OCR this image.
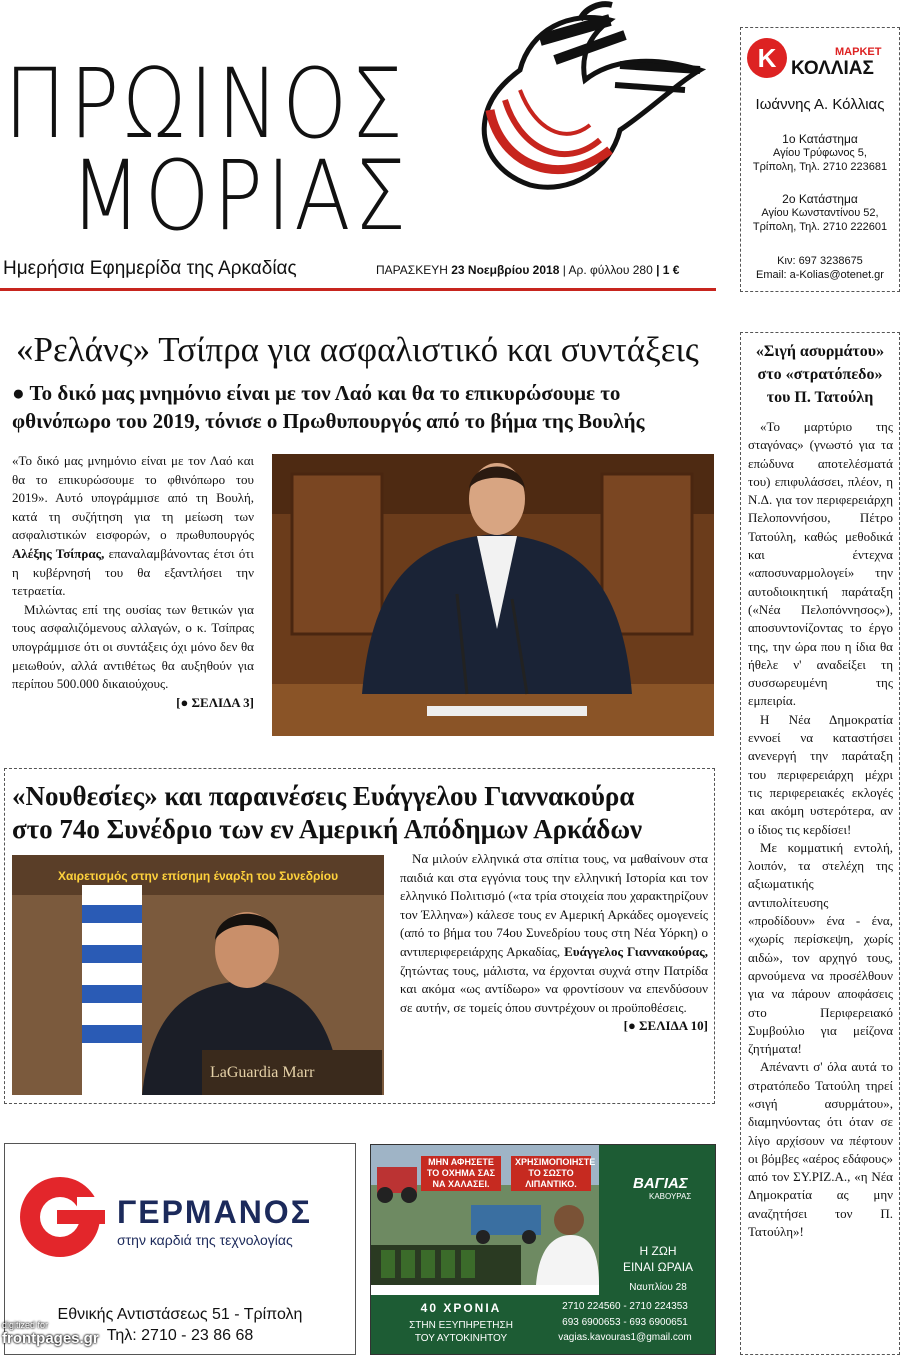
ΠΡΩΙΝΟΣ
ΜΟΡΙΑΣ
Ημερήσια Εφημερίδα της Αρκαδίας	ΠΑΡΑΣΚΕΥΗ 23 Νοεμβρίου 2018 | Αρ. φύλλου 280 | 1 €
Κ	ΜΑΡΚΕΤ
ΚΟΛΛΙΑΣ
Ιωάννης Α. Κόλλιας
1ο Κατάστημα
Αγίου Τρύφωνος 5,
Τρίπολη, Τηλ. 2710 223681
2ο Κατάστημα
Αγίου Κωνσταντίνου 52,
Τρίπολη, Τηλ. 2710 222601
Κιν: 697 3238675
Email: a-Kolias@otenet.gr
«Ρελάνς» Τσίπρα για ασφαλιστικό και συντάξεις
● Το δικό μας μνημόνιο είναι με τον Λαό και θα το επικυρώσουμε το φθινόπωρο του 2019, τόνισε ο Πρωθυπουργός από το βήμα της Βουλής

«Το δικό μας μνημόνιο είναι με τον Λαό και θα το επικυρώσουμε το φθινόπωρο του 2019». Αυτό υπογράμμισε από τη Βουλή, κατά τη συζήτηση για τη μείωση των ασφαλιστικών εισφορών, ο πρωθυπουργός Αλέξης Τσίπρας, επαναλαμβάνοντας έτσι ότι η κυβέρνησή του θα εξαντλήσει την τετραετία.

Μιλώντας επί της ουσίας των θετικών για τους ασφαλιζόμενους αλλαγών, ο κ. Τσίπρας υπογράμμισε ότι οι συντάξεις όχι μόνο δεν θα μειωθούν, αλλά αντιθέτως θα αυξηθούν για περίπου 500.000 δικαιούχους.

[● ΣΕΛΙΔΑ 3]
«Νουθεσίες» και παραινέσεις Ευάγγελου Γιαννακούρα
στο 74ο Συνέδριο των εν Αμερική Απόδημων Αρκάδων
LaGuardia Marr
Χαιρετισμός στην επίσημη έναρξη του Συνεδρίου

Να μιλούν ελληνικά στα σπίτια τους, να μαθαίνουν στα παιδιά και στα εγγόνια τους την ελληνική Ιστορία και τον ελληνικό Πολιτισμό («τα τρία στοιχεία που χαρακτηρίζουν τον Έλληνα») κάλεσε τους εν Αμερική Αρκάδες ομογενείς (από το βήμα του 74ου Συνεδρίου τους στη Νέα Υόρκη) ο αντιπεριφερειάρχης Αρκαδίας, Ευάγγελος Γιαννακούρας, ζητώντας τους, μάλιστα, να έρχονται συχνά στην Πατρίδα και ακόμα «ως αντίδωρο» να φροντίσουν να επενδύσουν σε αυτήν, σε τομείς όπου συντρέχουν οι προϋποθέσεις.

[● ΣΕΛΙΔΑ 10]
«Σιγή ασυρμάτου»
στο «στρατόπεδο»
του Π. Τατούλη

«Το μαρτύριο της σταγόνας» (γνωστό για τα επώδυνα αποτελέσματά του) επιφυλάσσει, πλέον, η Ν.Δ. για τον περιφερειάρχη Πελοποννήσου, Πέτρο Τατούλη, καθώς μεθοδικά και έντεχνα «αποσυναρμολογεί» την αυτοδιοικητική παράταξη («Νέα Πελοπόννησος»), αποσυντονίζοντας το έργο της, την ώρα που η ίδια θα ήθελε ν' αναδείξει τη συσσωρευμένη της εμπειρία.

Η Νέα Δημοκρατία εννοεί να καταστήσει ανενεργή την παράταξη του περιφερειάρχη μέχρι τις περιφερειακές εκλογές και ακόμη υστερότερα, αν ο ίδιος τις κερδίσει!

Με κομματική εντολή, λοιπόν, τα στελέχη της αξιωματικής αντιπολίτευσης «προδίδουν» ένα - ένα, «χωρίς περίσκεψη, χωρίς αιδώ», τον αρχηγό τους, αρνούμενα να προσέλθουν για να πάρουν αποφάσεις στο Περιφερειακό Συμβούλιο για μείζονα ζητήματα!

Απέναντι σ' όλα αυτά το στρατόπεδο Τατούλη τηρεί «σιγή ασυρμάτου», διαμηνύοντας ότι όταν σε λίγο αρχίσουν να πέφτουν οι βόμβες «αέρος εδάφους» από τον ΣΥ.ΡΙΖ.Α., «η Νέα Δημοκρατία ας μην αναζητήσει τον Π. Τατούλη»!

ΓΕΡΜΑΝΟΣ
στην καρδιά της τεχνολογίας
Εθνικής Αντιστάσεως 51 - Τρίπολη
Τηλ: 2710 - 23 86 68
ΜΗΝ ΑΦΗΣΕΤΕ ΤΟ ΟΧΗΜΑ ΣΑΣ ΝΑ ΧΑΛΑΣΕΙ.
ΧΡΗΣΙΜΟΠΟΙΗΣΤΕ ΤΟ ΣΩΣΤΟ ΛΙΠΑΝΤΙΚΟ.	ΒΑΓΙΑΣ
ΚΑΒΟΥΡΑΣ
Η ΖΩΗ
ΕΙΝΑΙ ΩΡΑΙΑ
Ναυπλίου 28
40 ΧΡΟΝΙΑ
ΣΤΗΝ ΕΞΥΠΗΡΕΤΗΣΗ
ΤΟΥ ΑΥΤΟΚΙΝΗΤΟΥ
2710 224560 - 2710 224353
693 6900653 - 693 6900651
vagias.kavouras1@gmail.com
digitized for
frontpages.gr
